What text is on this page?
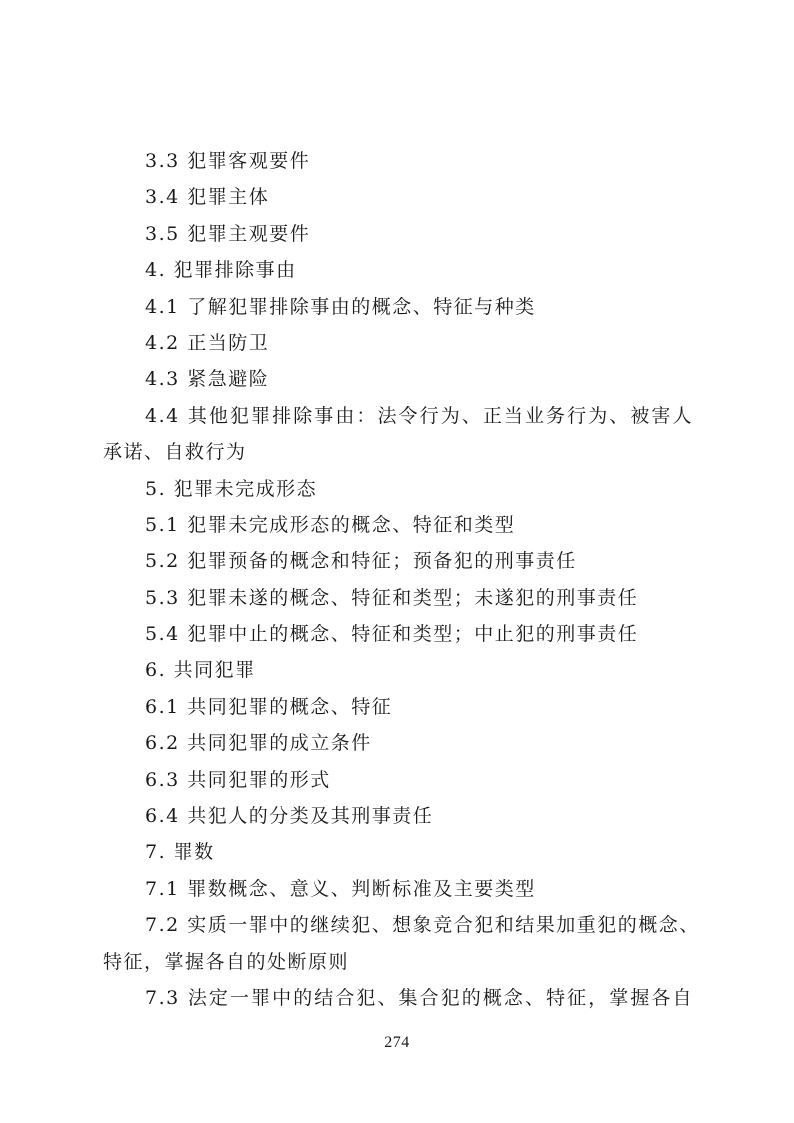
3.3 犯罪客观要件
3.4 犯罪主体
3.5 犯罪主观要件
4. 犯罪排除事由
4.1 了解犯罪排除事由的概念、特征与种类
4.2 正当防卫
4.3 紧急避险
4.4 其他犯罪排除事由：法令行为、正当业务行为、被害人
承诺、自救行为
5. 犯罪未完成形态
5.1 犯罪未完成形态的概念、特征和类型
5.2 犯罪预备的概念和特征；预备犯的刑事责任
5.3 犯罪未遂的概念、特征和类型；未遂犯的刑事责任
5.4 犯罪中止的概念、特征和类型；中止犯的刑事责任
6. 共同犯罪
6.1 共同犯罪的概念、特征
6.2 共同犯罪的成立条件
6.3 共同犯罪的形式
6.4 共犯人的分类及其刑事责任
7. 罪数
7.1 罪数概念、意义、判断标准及主要类型
7.2 实质一罪中的继续犯、想象竞合犯和结果加重犯的概念、
特征，掌握各自的处断原则
7.3 法定一罪中的结合犯、集合犯的概念、特征，掌握各自
274
